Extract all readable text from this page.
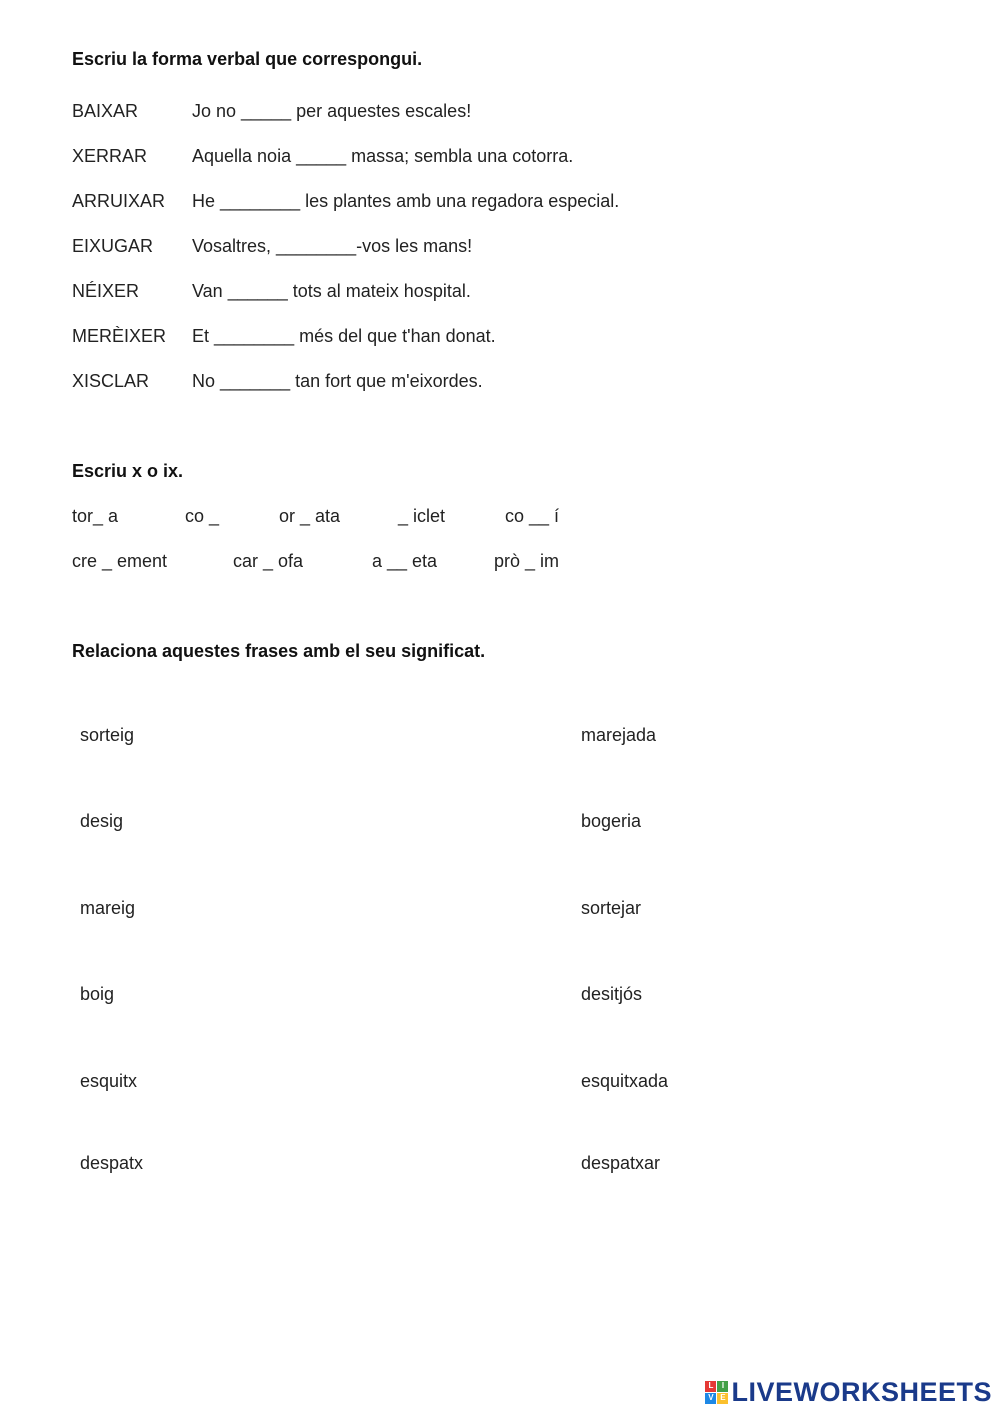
Escriu la forma verbal que correspongui.
BAIXAR	Jo no _____ per aquestes escales!
XERRAR Aquella noia _____ massa; sembla una cotorra.
ARRUIXAR He ________ les plantes amb una regadora especial.
EIXUGAR Vosaltres, ________-vos les mans!
NÉIXER	Van ______ tots al mateix hospital.
MERÈIXER Et ________ més del que t'han donat.
XISCLAR No _______ tan fort que m'eixordes.
Escriu x o ix.
tor_ a	co _	or _ ata	_ iclet	co __ í
cre _ ement	car _ ofa	a __ eta	prò _ im
Relaciona aquestes frases amb el seu significat.
sorteig
desig
mareig
boig
esquitx
despatx
marejada
bogeria
sortejar
desitjós
esquitxada
despatxar
L	I
V E LIVEWORKSHEETS
